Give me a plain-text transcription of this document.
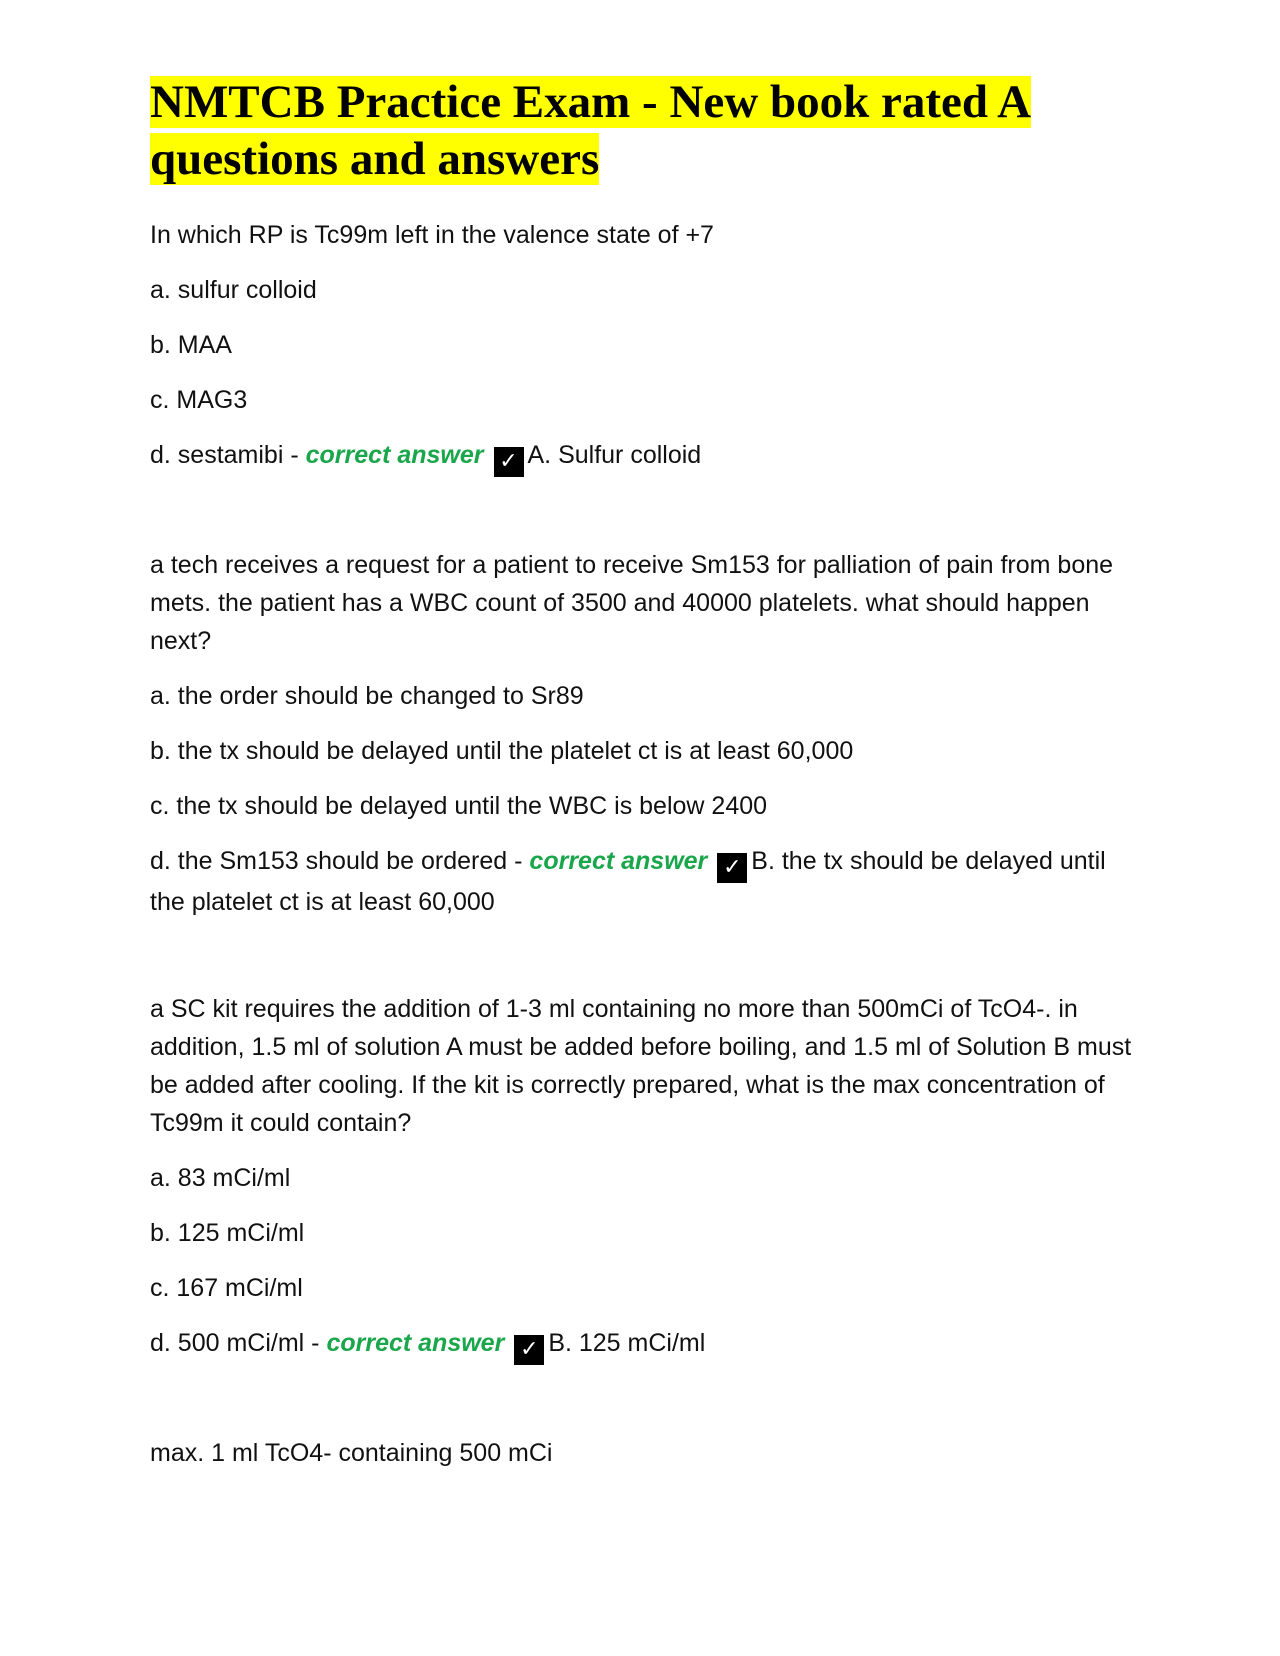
NMTCB Practice Exam - New book rated A
questions and answers

In which RP is Tc99m left in the valence state of +7

a. sulfur colloid

b. MAA

c. MAG3

d. sestamibi - correct answer ✓ A. Sulfur colloid

a tech receives a request for a patient to receive Sm153 for palliation of pain from bone mets. the patient has a WBC count of 3500 and 40000 platelets. what should happen next?

a. the order should be changed to Sr89

b. the tx should be delayed until the platelet ct is at least 60,000

c. the tx should be delayed until the WBC is below 2400

d. the Sm153 should be ordered - correct answer ✓ B. the tx should be delayed until the platelet ct is at least 60,000

a SC kit requires the addition of 1-3 ml containing no more than 500mCi of TcO4-. in addition, 1.5 ml of solution A must be added before boiling, and 1.5 ml of Solution B must be added after cooling. If the kit is correctly prepared, what is the max concentration of Tc99m it could contain?

a. 83 mCi/ml

b. 125 mCi/ml

c. 167 mCi/ml

d. 500 mCi/ml - correct answer ✓ B. 125 mCi/ml

max. 1 ml TcO4- containing 500 mCi
